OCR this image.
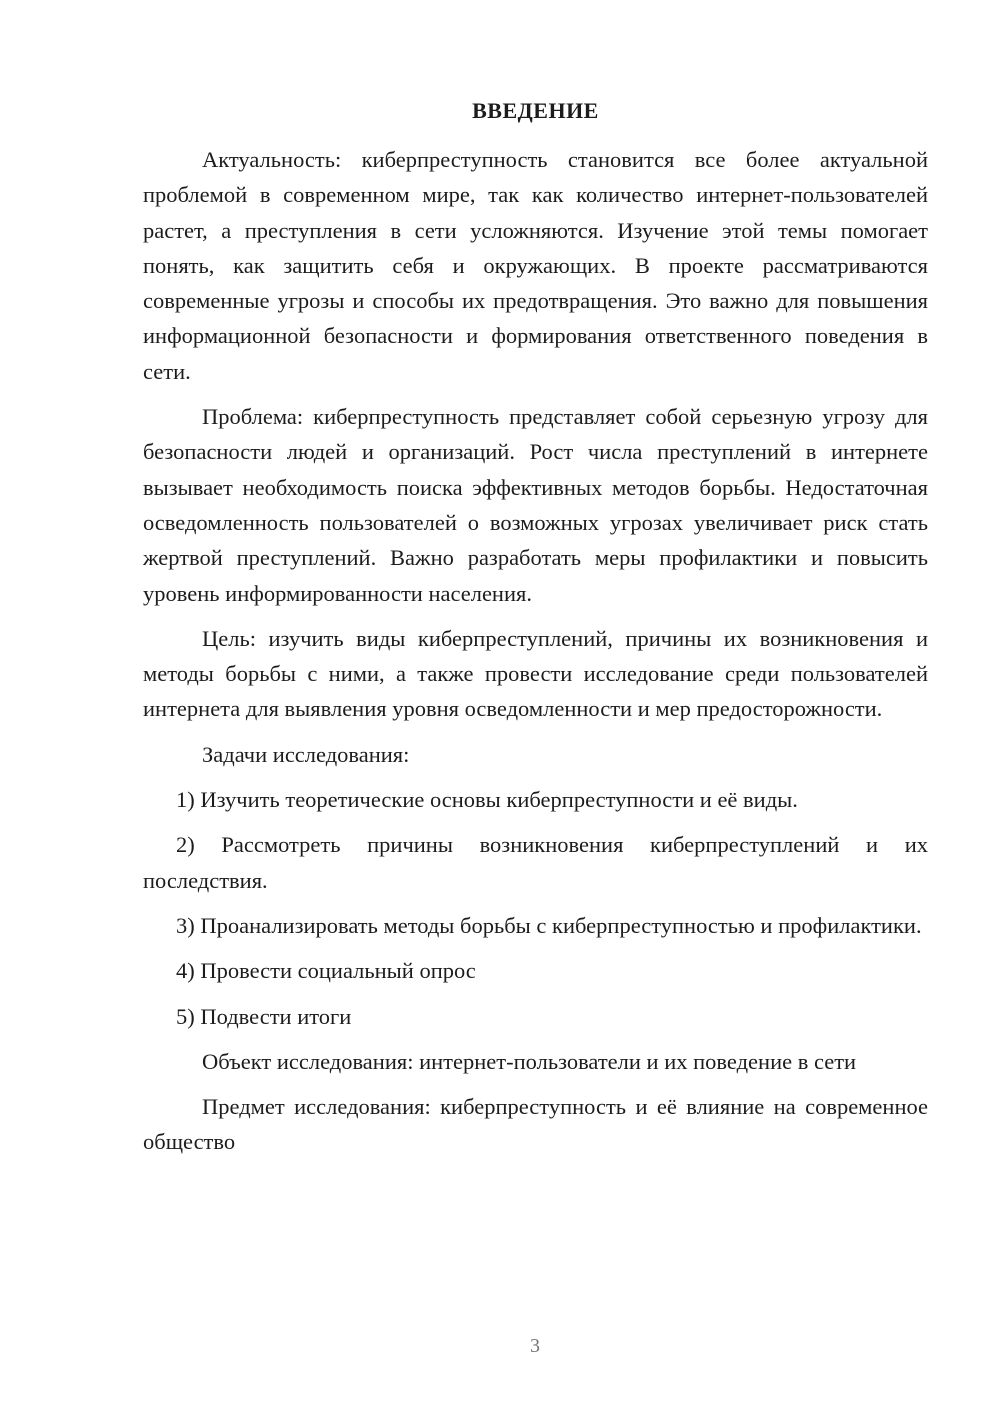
ВВЕДЕНИЕ

Актуальность: киберпреступность становится все более актуальной проблемой в современном мире, так как количество интернет-пользователей растет, а преступления в сети усложняются. Изучение этой темы помогает понять, как защитить себя и окружающих. В проекте рассматриваются современные угрозы и способы их предотвращения. Это важно для повышения информационной безопасности и формирования ответственного поведения в сети.

Проблема: киберпреступность представляет собой серьезную угрозу для безопасности людей и организаций. Рост числа преступлений в интернете вызывает необходимость поиска эффективных методов борьбы. Недостаточная осведомленность пользователей о возможных угрозах увеличивает риск стать жертвой преступлений. Важно разработать меры профилактики и повысить уровень информированности населения.

Цель: изучить виды киберпреступлений, причины их возникновения и методы борьбы с ними, а также провести исследование среди пользователей интернета для выявления уровня осведомленности и мер предосторожности.

Задачи исследования:

1) Изучить теоретические основы киберпреступности и её виды.

2) Рассмотреть причины возникновения киберпреступлений и их последствия.

3) Проанализировать методы борьбы с киберпреступностью и профилактики.

4) Провести социальный опрос

5) Подвести итоги

Объект исследования: интернет-пользователи и их поведение в сети

Предмет исследования: киберпреступность и её влияние на современное общество

3
